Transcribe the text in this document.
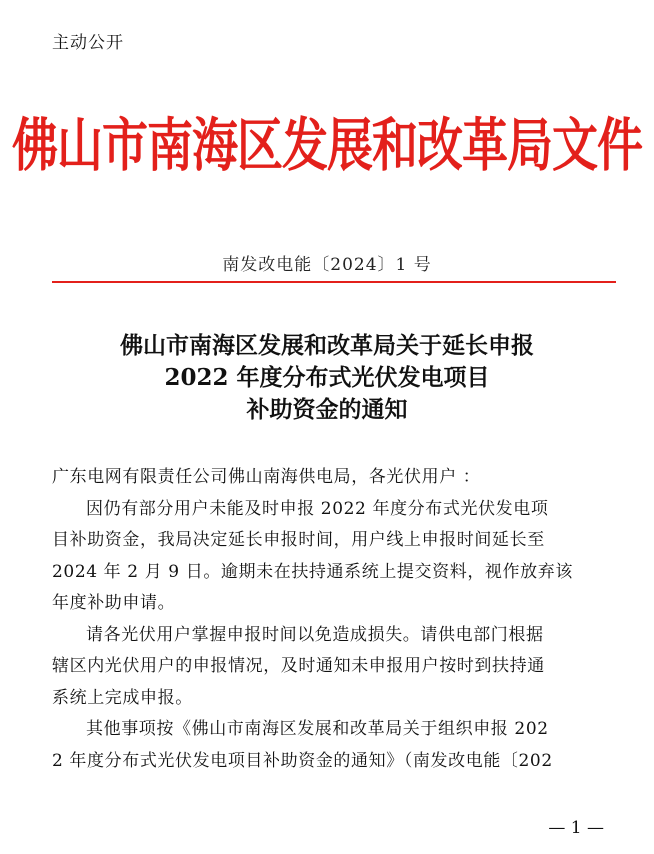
主动公开
佛山市南海区发展和改革局文件
南发改电能〔2024〕1 号
佛山市南海区发展和改革局关于延长申报
2022 年度分布式光伏发电项目
补助资金的通知

广东电网有限责任公司佛山南海供电局，各光伏用户 ：

因仍有部分用户未能及时申报 2022 年度分布式光伏发电项
目补助资金，我局决定延长申报时间，用户线上申报时间延长至
2024 年 2 月 9 日。逾期未在扶持通系统上提交资料，视作放弃该
年度补助申请。

请各光伏用户掌握申报时间以免造成损失。请供电部门根据
辖区内光伏用户的申报情况，及时通知未申报用户按时到扶持通
系统上完成申报。

其他事项按《佛山市南海区发展和改革局关于组织申报 202
2 年度分布式光伏发电项目补助资金的通知》（南发改电能〔202

— 1 —
